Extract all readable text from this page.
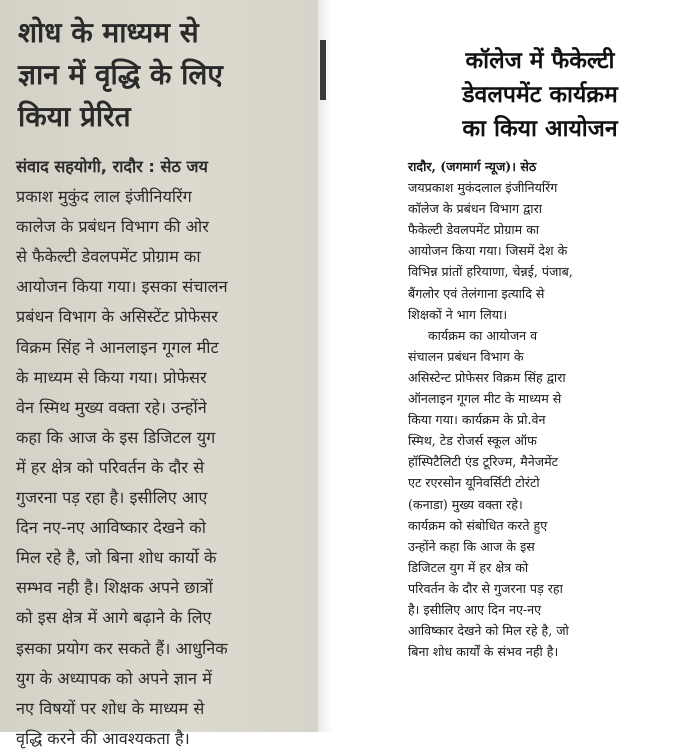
शोध के माध्यम से
ज्ञान में वृद्धि के लिए
किया प्रेरित
संवाद सहयोगी, रादौर : सेठ जय
प्रकाश मुकुंद लाल इंजीनियरिंग
कालेज के प्रबंधन विभाग की ओर
से फैकेल्टी डेवलपमेंट प्रोग्राम का
आयोजन किया गया। इसका संचालन
प्रबंधन विभाग के असिस्टेंट प्रोफेसर
विक्रम सिंह ने आनलाइन गूगल मीट
के माध्यम से किया गया। प्रोफेसर
वेन स्मिथ मुख्य वक्ता रहे। उन्होंने
कहा कि आज के इस डिजिटल युग
में हर क्षेत्र को परिवर्तन के दौर से
गुजरना पड़ रहा है। इसीलिए आए
दिन नए-नए आविष्कार देखने को
मिल रहे है, जो बिना शोध कार्यो के
सम्भव नही है। शिक्षक अपने छात्रों
को इस क्षेत्र में आगे बढ़ाने के लिए
इसका प्रयोग कर सकते हैं। आधुनिक
युग के अध्यापक को अपने ज्ञान में
नए विषयों पर शोध के माध्यम से
वृद्धि करने की आवश्यकता है।
कॉलेज में फैकेल्टी
डेवलपमेंट कार्यक्रम
का किया आयोजन
रादौर, (जगमार्ग न्यूज)। सेठ
जयप्रकाश मुकंदलाल इंजीनियरिंग
कॉलेज के प्रबंधन विभाग द्वारा
फैकेल्टी डेवलपमेंट प्रोग्राम का
आयोजन किया गया। जिसमें देश के
विभिन्न प्रांतों हरियाणा, चेन्नई, पंजाब,
बैंगलोर एवं तेलंगाना इत्यादि से
शिक्षकों ने भाग लिया।
कार्यक्रम का आयोजन व
संचालन प्रबंधन विभाग के
असिस्टेन्ट प्रोफेसर विक्रम सिंह द्वारा
ऑनलाइन गूगल मीट के माध्यम से
किया गया। कार्यक्रम के प्रो.वेन
स्मिथ, टेड रोजर्स स्कूल ऑफ
हॉस्पिटैलिटी एंड टूरिज्म, मैनेजमेंट
एट रएरसोन यूनिवर्सिटी टोरंटो
(कनाडा) मुख्य वक्ता रहे।
कार्यक्रम को संबोधित करते हुए
उन्होंने कहा कि आज के इस
डिजिटल युग में हर क्षेत्र को
परिवर्तन के दौर से गुजरना पड़ रहा
है। इसीलिए आए दिन नए-नए
आविष्कार देखने को मिल रहे है, जो
बिना शोध कार्यों के संभव नही है।
